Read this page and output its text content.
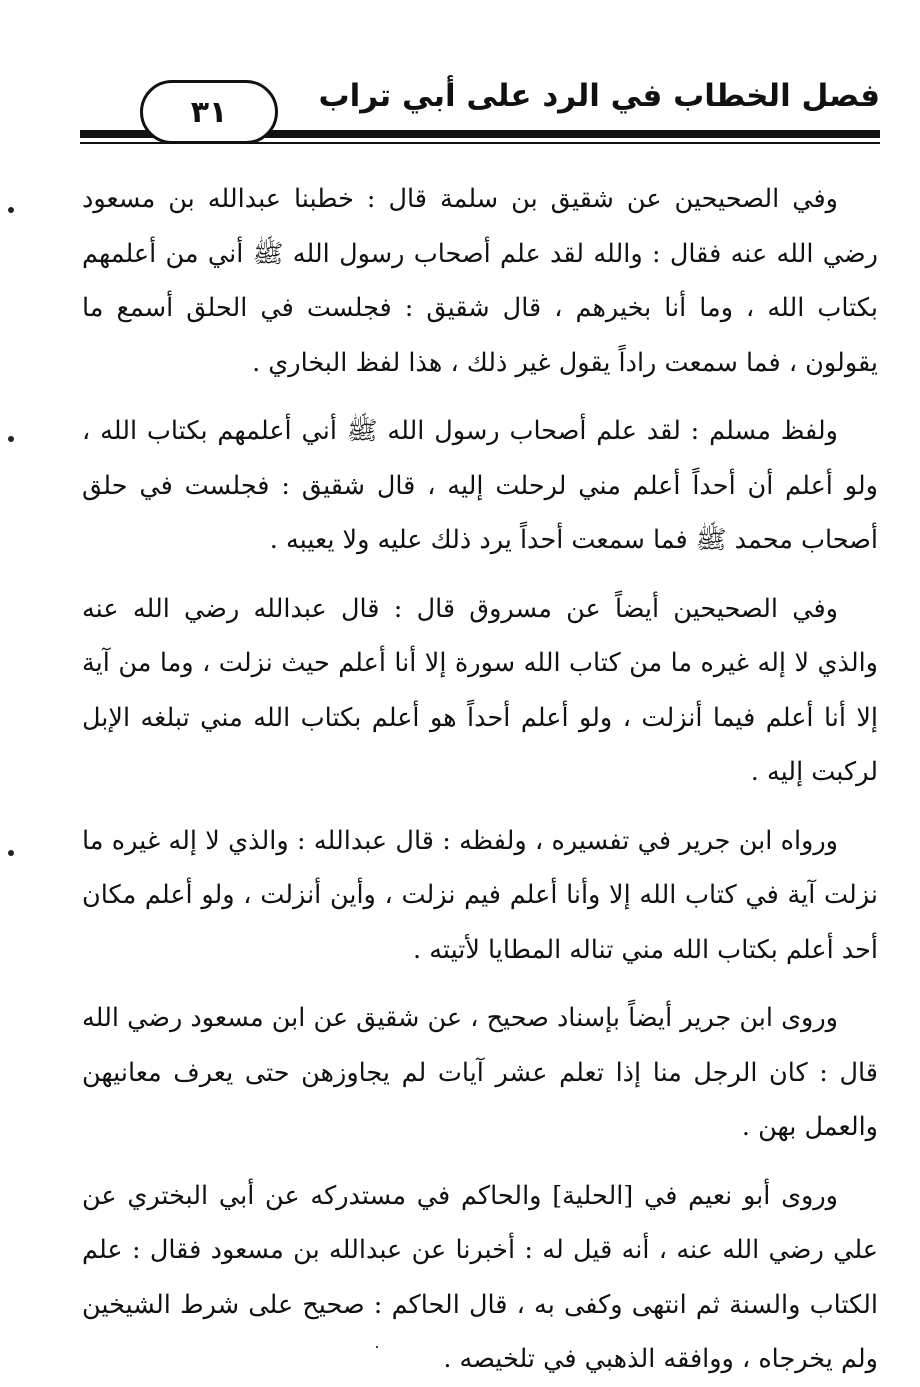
فصل الخطاب في الرد على أبي تراب
٣١

وفي الصحيحين عن شقيق بن سلمة قال : خطبنا عبدالله بن مسعود رضي الله عنه فقال : والله لقد علم أصحاب رسول الله ﷺ أني من أعلمهم بكتاب الله ، وما أنا بخيرهم ، قال شقيق : فجلست في الحلق أسمع ما يقولون ، فما سمعت راداً يقول غير ذلك ، هذا لفظ البخاري .

ولفظ مسلم : لقد علم أصحاب رسول الله ﷺ أني أعلمهم بكتاب الله ، ولو أعلم أن أحداً أعلم مني لرحلت إليه ، قال شقيق : فجلست في حلق أصحاب محمد ﷺ فما سمعت أحداً يرد ذلك عليه ولا يعيبه .

وفي الصحيحين أيضاً عن مسروق قال : قال عبدالله رضي الله عنه والذي لا إله غيره ما من كتاب الله سورة إلا أنا أعلم حيث نزلت ، وما من آية إلا أنا أعلم فيما أنزلت ، ولو أعلم أحداً هو أعلم بكتاب الله مني تبلغه الإبل لركبت إليه .

ورواه ابن جرير في تفسيره ، ولفظه : قال عبدالله : والذي لا إله غيره ما نزلت آية في كتاب الله إلا وأنا أعلم فيم نزلت ، وأين أنزلت ، ولو أعلم مكان أحد أعلم بكتاب الله مني تناله المطايا لأتيته .

وروى ابن جرير أيضاً بإسناد صحيح ، عن شقيق عن ابن مسعود رضي الله قال : كان الرجل منا إذا تعلم عشر آيات لم يجاوزهن حتى يعرف معانيهن والعمل بهن .

وروى أبو نعيم في [الحلية] والحاكم في مستدركه عن أبي البختري عن علي رضي الله عنه ، أنه قيل له : أخبرنا عن عبدالله بن مسعود فقال : علم الكتاب والسنة ثم انتهى وكفى به ، قال الحاكم : صحيح على شرط الشيخين ولم يخرجاه ، ووافقه الذهبي في تلخيصه .
